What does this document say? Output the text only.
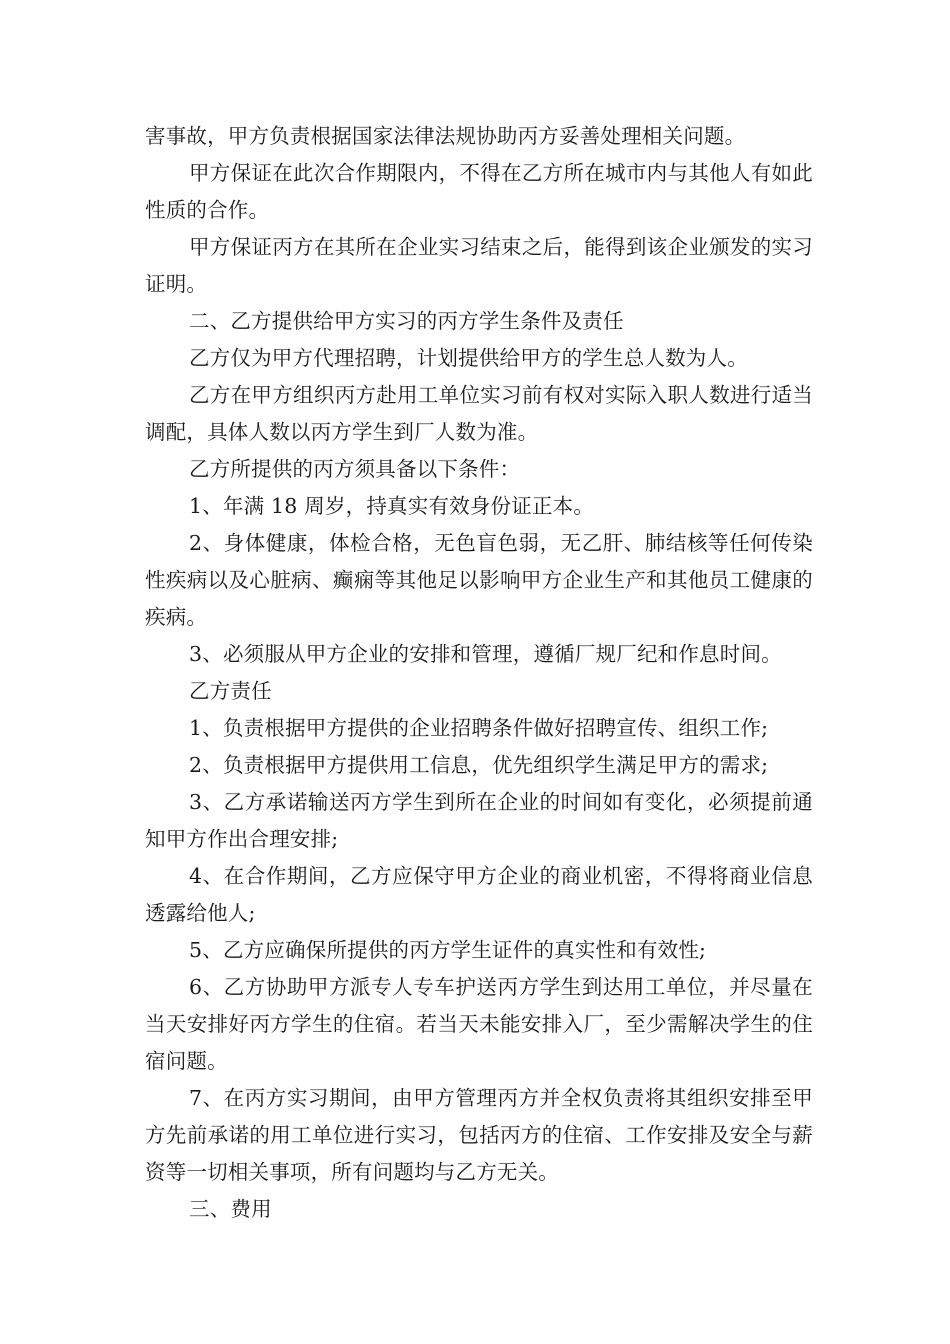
害事故，甲方负责根据国家法律法规协助丙方妥善处理相关问题。

甲方保证在此次合作期限内，不得在乙方所在城市内与其他人有如此性质的合作。

甲方保证丙方在其所在企业实习结束之后，能得到该企业颁发的实习证明。

二、乙方提供给甲方实习的丙方学生条件及责任

乙方仅为甲方代理招聘，计划提供给甲方的学生总人数为人。

乙方在甲方组织丙方赴用工单位实习前有权对实际入职人数进行适当调配，具体人数以丙方学生到厂人数为准。

乙方所提供的丙方须具备以下条件：

1、年满 18 周岁，持真实有效身份证正本。

2、身体健康，体检合格，无色盲色弱，无乙肝、肺结核等任何传染性疾病以及心脏病、癫痫等其他足以影响甲方企业生产和其他员工健康的疾病。

3、必须服从甲方企业的安排和管理，遵循厂规厂纪和作息时间。

乙方责任

1、负责根据甲方提供的企业招聘条件做好招聘宣传、组织工作;

2、负责根据甲方提供用工信息，优先组织学生满足甲方的需求;

3、乙方承诺输送丙方学生到所在企业的时间如有变化，必须提前通知甲方作出合理安排;

4、在合作期间，乙方应保守甲方企业的商业机密，不得将商业信息透露给他人;

5、乙方应确保所提供的丙方学生证件的真实性和有效性;

6、乙方协助甲方派专人专车护送丙方学生到达用工单位，并尽量在当天安排好丙方学生的住宿。若当天未能安排入厂，至少需解决学生的住宿问题。

7、在丙方实习期间，由甲方管理丙方并全权负责将其组织安排至甲方先前承诺的用工单位进行实习，包括丙方的住宿、工作安排及安全与薪资等一切相关事项，所有问题均与乙方无关。

三、费用
